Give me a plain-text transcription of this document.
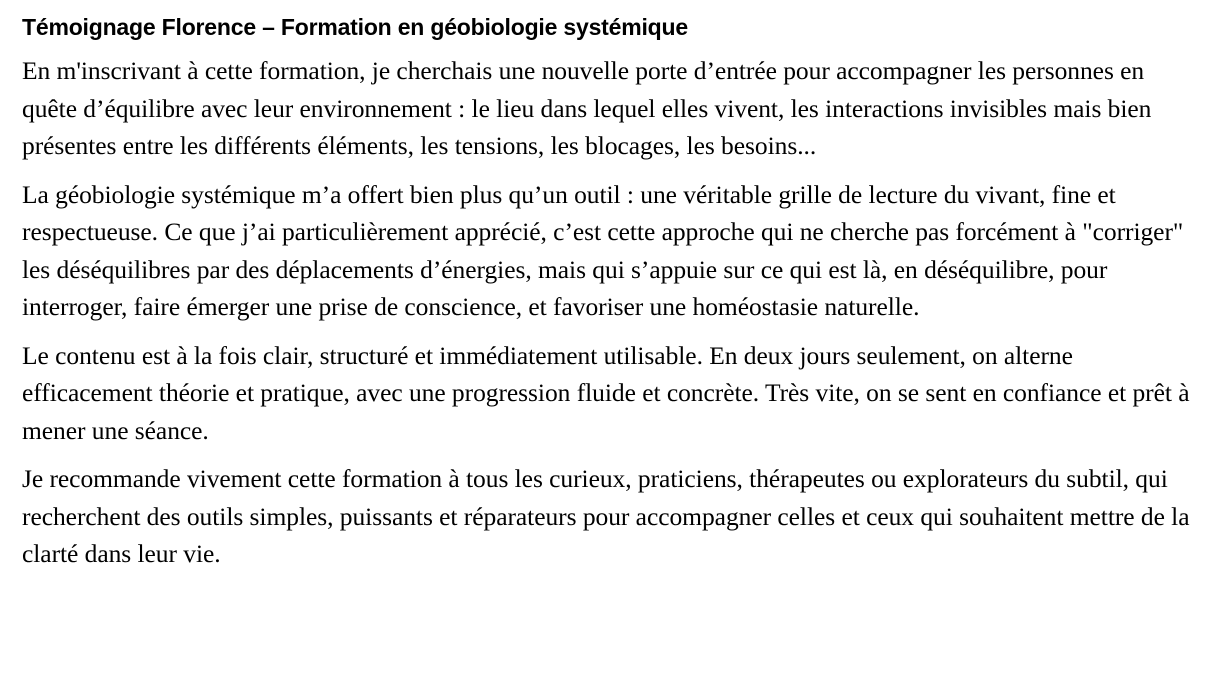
Témoignage Florence – Formation en géobiologie systémique

En m'inscrivant à cette formation, je cherchais une nouvelle porte d’entrée pour accompagner les personnes en quête d’équilibre avec leur environnement : le lieu dans lequel elles vivent, les interactions invisibles mais bien présentes entre les différents éléments, les tensions, les blocages, les besoins...

La géobiologie systémique m’a offert bien plus qu’un outil : une véritable grille de lecture du vivant, fine et respectueuse. Ce que j’ai particulièrement apprécié, c’est cette approche qui ne cherche pas forcément à "corriger" les déséquilibres par des déplacements d’énergies, mais qui s’appuie sur ce qui est là, en déséquilibre, pour interroger, faire émerger une prise de conscience, et favoriser une homéostasie naturelle.

Le contenu est à la fois clair, structuré et immédiatement utilisable. En deux jours seulement, on alterne efficacement théorie et pratique, avec une progression fluide et concrète. Très vite, on se sent en confiance et prêt à mener une séance.

Je recommande vivement cette formation à tous les curieux, praticiens, thérapeutes ou explorateurs du subtil, qui recherchent des outils simples, puissants et réparateurs pour accompagner celles et ceux qui souhaitent mettre de la clarté dans leur vie.
